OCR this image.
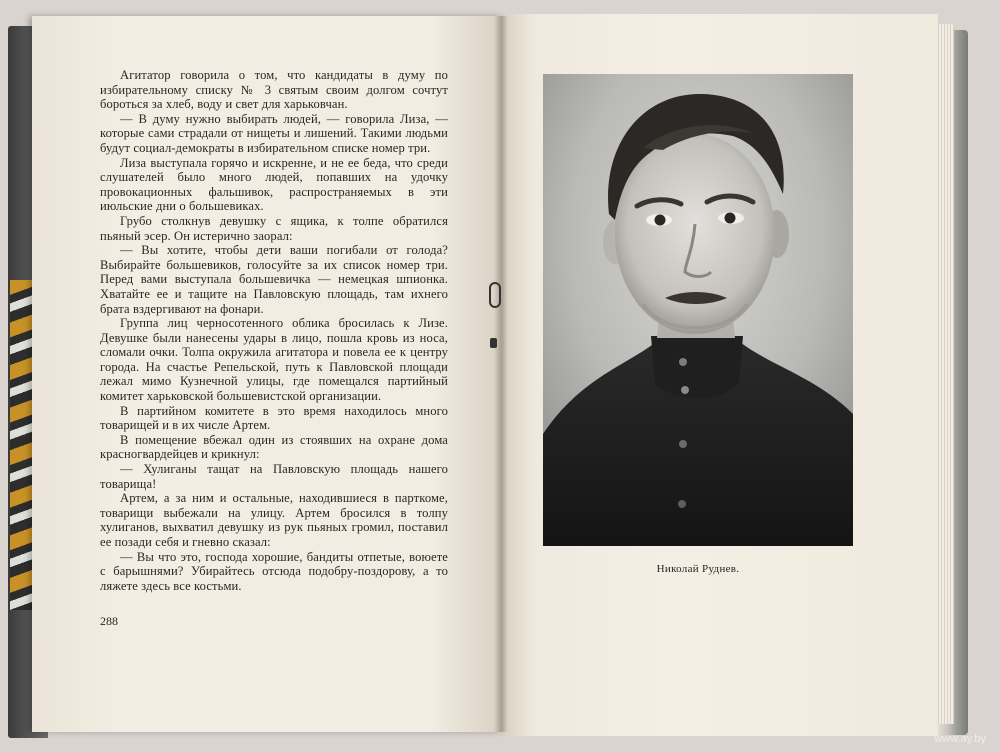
Агитатор говорила о том, что кандидаты в думу по избирательному списку № 3 святым своим долгом сочтут бороться за хлеб, воду и свет для харьковчан.

— В думу нужно выбирать людей, — говорила Лиза, — которые сами страдали от нищеты и лишений. Такими людьми будут социал-демократы в избирательном списке номер три.

Лиза выступала горячо и искренне, и не ее беда, что среди слушателей было много людей, попавших на удочку провокационных фальшивок, распространяемых в эти июльские дни о большевиках.

Грубо столкнув девушку с ящика, к толпе обратился пьяный эсер. Он истерично заорал:

— Вы хотите, чтобы дети ваши погибали от голода? Выбирайте большевиков, голосуйте за их список номер три. Перед вами выступала большевичка — немецкая шпионка. Хватайте ее и тащите на Павловскую площадь, там ихнего брата вздергивают на фонари.

Группа лиц черносотенного облика бросилась к Лизе. Девушке были нанесены удары в лицо, пошла кровь из носа, сломали очки. Толпа окружила агитатора и повела ее к центру города. На счастье Репельской, путь к Павловской площади лежал мимо Кузнечной улицы, где помещался партийный комитет харьковской большевистской организации.

В партийном комитете в это время находилось много товарищей и в их числе Артем.

В помещение вбежал один из стоявших на охране дома красногвардейцев и крикнул:

— Хулиганы тащат на Павловскую площадь нашего товарища!

Артем, а за ним и остальные, находившиеся в парткоме, товарищи выбежали на улицу. Артем бросился в толпу хулиганов, выхватил девушку из рук пьяных громил, поставил ее позади себя и гневно сказал:

— Вы что это, господа хорошие, бандиты отпетые, воюете с барышнями? Убирайтесь отсюда подобру-поздорову, а то ляжете здесь все костьми.

288
Николай Руднев.
www.ay.by
